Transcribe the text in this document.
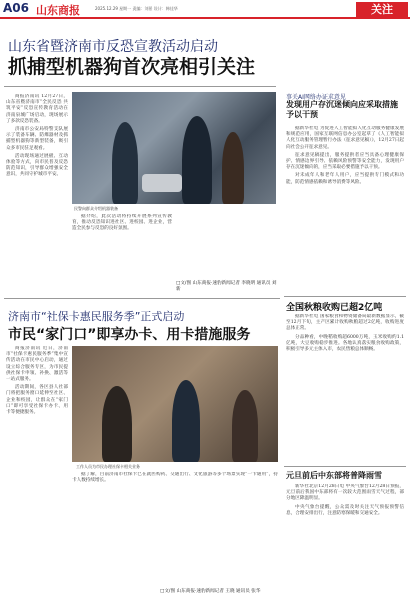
A06 山东商报	2025.12.29 星期一 责编：刘景 设计：韩佳华	关注
山东省暨济南市反恐宣教活动启动
抓捕型机器狗首次亮相引关注

商报济南讯 12月27日，山东省暨济南市“全民反恐 共筑平安”反恐宣传教育活动在济南泉城广场启动，现场展示了多款反恐装备。

济南市公安局特警支队展示了装备车辆、防爆器材及抓捕型机器狗等新型装备，吸引众多市民驻足观看。

活动现场通过展板、互动体验等方式，向市民普及反恐防范知识，引导群众增强安全意识，共同守护城市平安。

民警向群众介绍机器装备

据介绍，此次活动将持续开展系列宣传教育，推动反恐知识进社区、进校园、进企业，营造全民参与反恐的良好氛围。

□文/图 山东商报·速豹新闻记者 李晓明 通讯员 刘新
事关AI网络办证求意见
发现用户存沉迷倾向应采取措施予以干预

据新华社电 为促进人工智能拟人化互动服务健康发展和规范应用，国家互联网信息办公室起草了《人工智能拟人化互动服务管理暂行办法（征求意见稿）》，12月27日起向社会公开征求意见。

征求意见稿提出，服务提供者应当具备心理健康保护、情感边界引导、依赖风险预警等安全能力，发现用户存在沉迷倾向的，应当采取必要措施予以干预。

对未成年人和老年人用户，应当提供专门模式和功能，防范情感依赖和诱导消费等风险。

全国秋粮收购已超2亿吨

据新华社电 国家粮食和物资储备局最新数据显示，截至12月下旬，主产区累计收购秋粮超过2亿吨，收购进度总体正常。

分品种看，中晚稻收购超6000万吨，玉米收购约1.1亿吨，大豆收购稳步推进。各地认真落实粮食收购政策，积极引导多元主体入市，农民售粮总体顺畅。

元旦前后中东部将普降雨雪

新华社北京12月28日电 中央气象台12月28日预报，元旦前后我国中东部将有一次较大范围雨雪天气过程，部分地区降温明显。

中央气象台提醒，公众需及时关注天气预报预警信息，合理安排出行，注意防寒保暖和交通安全。

济南市“社保卡惠民服务季”正式启动
市民“家门口”即享办卡、用卡措施服务

商报济南讯 近日，济南市“社保卡惠民服务季”集中宣传活动在市民中心启动，通过设立综合服务专区，为市民提供社保卡申领、补换、激活等一站式服务。

活动期间，各区县人社部门将把服务窗口延伸至社区、企业和校园，让群众在“家门口”即可享受社保卡办卡、用卡等便捷服务。

工作人员为市民办理社保卡相关业务

据了解，目前济南市社保卡已在就医购药、交通出行、文化旅游等多个场景实现“一卡通用”，持卡人数持续增长。

□文/图 山东商报·速豹新闻记者 王晓 通讯员 张华
